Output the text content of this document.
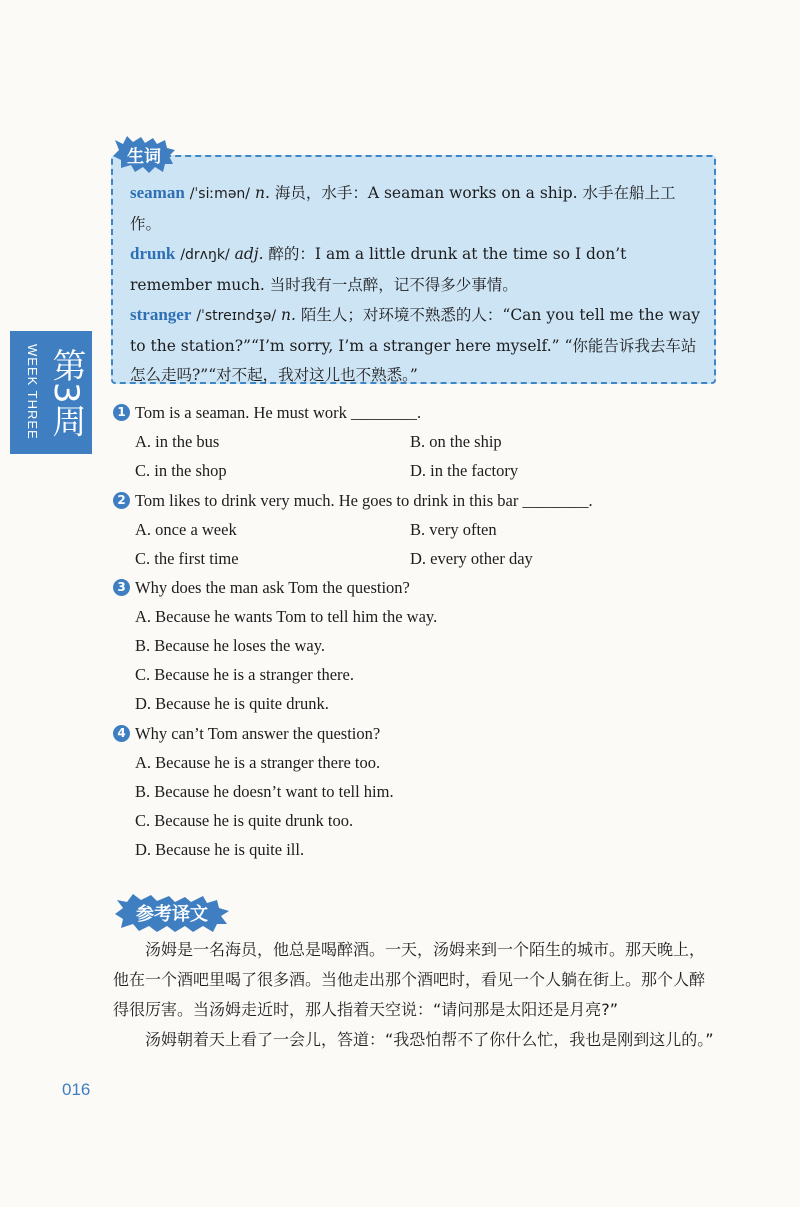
WEEK THREE 第3周
seaman /ˈsiːmən/ n. 海员，水手：A seaman works on a ship. 水手在船上工作。
drunk /drʌŋk/ adj. 醉的：I am a little drunk at the time so I don’t remember much. 当时我有一点醉，记不得多少事情。
stranger /ˈstreɪndʒə/ n. 陌生人；对环境不熟悉的人：“Can you tell me the way to the station?”“I’m sorry, I’m a stranger here myself.” “你能告诉我去车站怎么走吗?”“对不起，我对这儿也不熟悉。”
生词
1 Tom is a seaman. He must work ________.
A. in the bus	B. on the ship
C. in the shop	D. in the factory
2 Tom likes to drink very much. He goes to drink in this bar ________.
A. once a week	B. very often
C. the first time	D. every other day
3 Why does the man ask Tom the question?
A. Because he wants Tom to tell him the way.
B. Because he loses the way.
C. Because he is a stranger there.
D. Because he is quite drunk.
4 Why can’t Tom answer the question?
A. Because he is a stranger there too.
B. Because he doesn’t want to tell him.
C. Because he is quite drunk too.
D. Because he is quite ill.
参考译文

汤姆是一名海员，他总是喝醉酒。一天，汤姆来到一个陌生的城市。那天晚上，他在一个酒吧里喝了很多酒。当他走出那个酒吧时，看见一个人躺在街上。那个人醉得很厉害。当汤姆走近时，那人指着天空说：“请问那是太阳还是月亮?”

汤姆朝着天上看了一会儿，答道：“我恐怕帮不了你什么忙，我也是刚到这儿的。”

016
